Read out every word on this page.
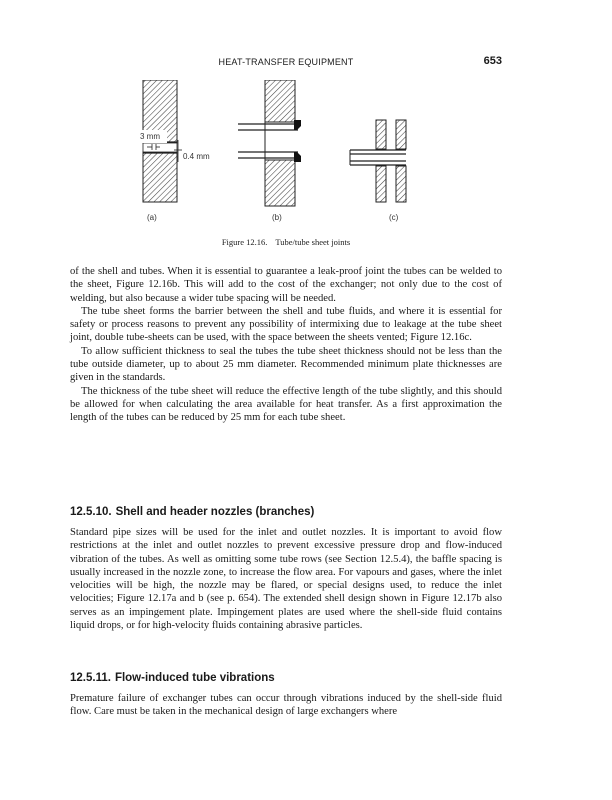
HEAT-TRANSFER EQUIPMENT	653
3 mm
0.4 mm
(a)	(b)	(c)
Figure 12.16. Tube/tube sheet joints

of the shell and tubes. When it is essential to guarantee a leak-proof joint the tubes can be welded to the sheet, Figure 12.16b. This will add to the cost of the exchanger; not only due to the cost of welding, but also because a wider tube spacing will be needed.

The tube sheet forms the barrier between the shell and tube fluids, and where it is essential for safety or process reasons to prevent any possibility of intermixing due to leakage at the tube sheet joint, double tube-sheets can be used, with the space between the sheets vented; Figure 12.16c.

To allow sufficient thickness to seal the tubes the tube sheet thickness should not be less than the tube outside diameter, up to about 25 mm diameter. Recommended minimum plate thicknesses are given in the standards.

The thickness of the tube sheet will reduce the effective length of the tube slightly, and this should be allowed for when calculating the area available for heat transfer. As a first approximation the length of the tubes can be reduced by 25 mm for each tube sheet.

12.5.10. Shell and header nozzles (branches)

Standard pipe sizes will be used for the inlet and outlet nozzles. It is important to avoid flow restrictions at the inlet and outlet nozzles to prevent excessive pressure drop and flow-induced vibration of the tubes. As well as omitting some tube rows (see Section 12.5.4), the baffle spacing is usually increased in the nozzle zone, to increase the flow area. For vapours and gases, where the inlet velocities will be high, the nozzle may be flared, or special designs used, to reduce the inlet velocities; Figure 12.17a and b (see p. 654). The extended shell design shown in Figure 12.17b also serves as an impingement plate. Impingement plates are used where the shell-side fluid contains liquid drops, or for high-velocity fluids containing abrasive particles.

12.5.11. Flow-induced tube vibrations

Premature failure of exchanger tubes can occur through vibrations induced by the shell-side fluid flow. Care must be taken in the mechanical design of large exchangers where
